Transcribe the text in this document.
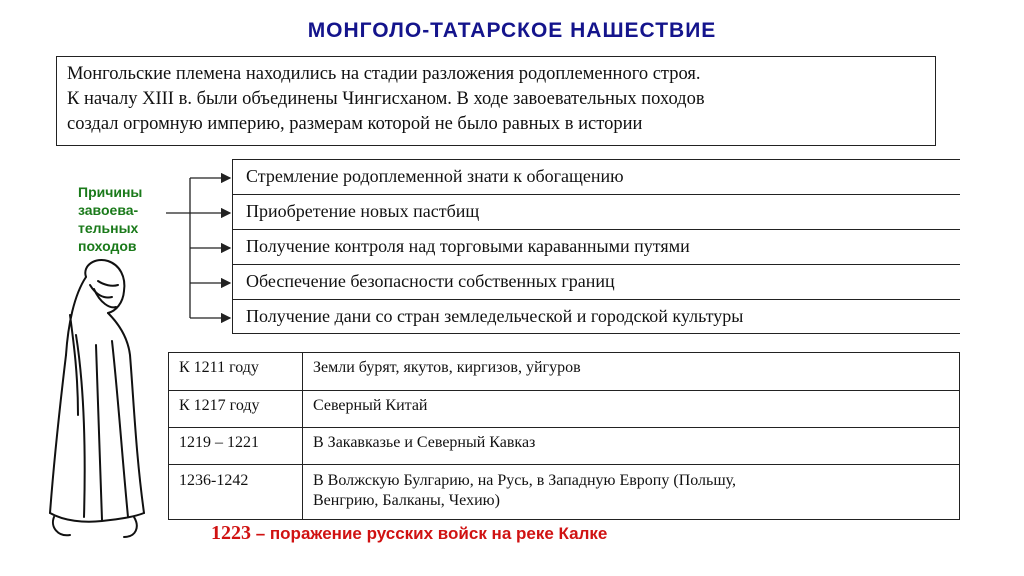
МОНГОЛО-ТАТАРСКОЕ НАШЕСТВИЕ
Монгольские племена находились на стадии разложения родоплеменного строя.
К началу XIII в. были объединены Чингисханом. В ходе завоевательных походов
создал огромную империю, размерам которой не было равных в истории
Причины
завоева-
тельных
походов
Стремление родоплеменной знати к обогащению
Приобретение новых пастбищ
Получение контроля над торговыми караванными путями
Обеспечение безопасности собственных границ
Получение дани со стран земледельческой и городской культуры
К 1211 году	Земли бурят, якутов, киргизов, уйгуров
К 1217 году	Северный Китай
1219 – 1221	В Закавказье и Северный Кавказ
1236-1242	В Волжскую Булгарию, на Русь, в Западную Европу (Польшу,
Венгрию, Балканы, Чехию)
1223 – поражение русских войск на реке Калке
